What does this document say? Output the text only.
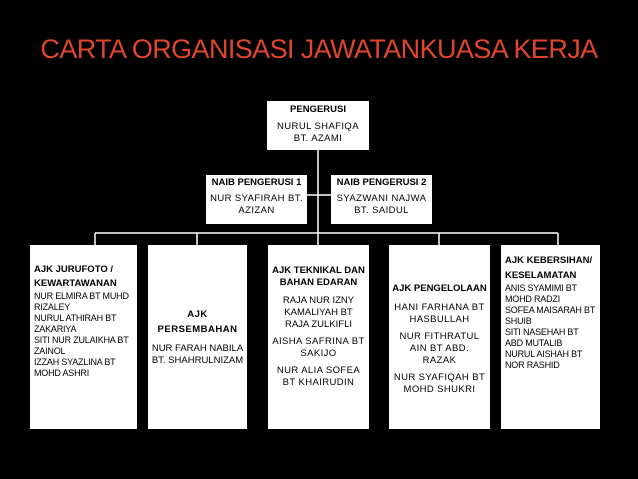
CARTA ORGANISASI JAWATANKUASA KERJA
PENGERUSI
NURUL SHAFIQA BT. AZAMI
NAIB PENGERUSI 1
NUR SYAFIRAH BT. AZIZAN
NAIB PENGERUSI 2
SYAZWANI NAJWA BT. SAIDUL
AJK JURUFOTO / KEWARTAWANAN
NUR ELMIRA BT MUHD RIZALEY
NURUL ATHIRAH BT ZAKARIYA
SITI NUR ZULAIKHA BT ZAINOL
IZZAH SYAZLINA BT MOHD ASHRI
AJK PERSEMBAHAN
NUR FARAH NABILA BT. SHAHRULNIZAM
AJK TEKNIKAL DAN BAHAN EDARAN
RAJA NUR IZNY KAMALIYAH BT RAJA ZULKIFLI
AISHA SAFRINA BT SAKIJO
NUR ALIA SOFEA BT KHAIRUDIN
AJK PENGELOLAAN
HANI FARHANA BT HASBULLAH
NUR FITHRATUL AIN BT ABD. RAZAK
NUR SYAFIQAH BT MOHD SHUKRI
AJK KEBERSIHAN/ KESELAMATAN
ANIS SYAMIMI BT MOHD RADZI
SOFEA MAISARAH BT SHUIB
SITI NASEHAH BT ABD MUTALIB
NURUL AISHAH BT NOR RASHID
